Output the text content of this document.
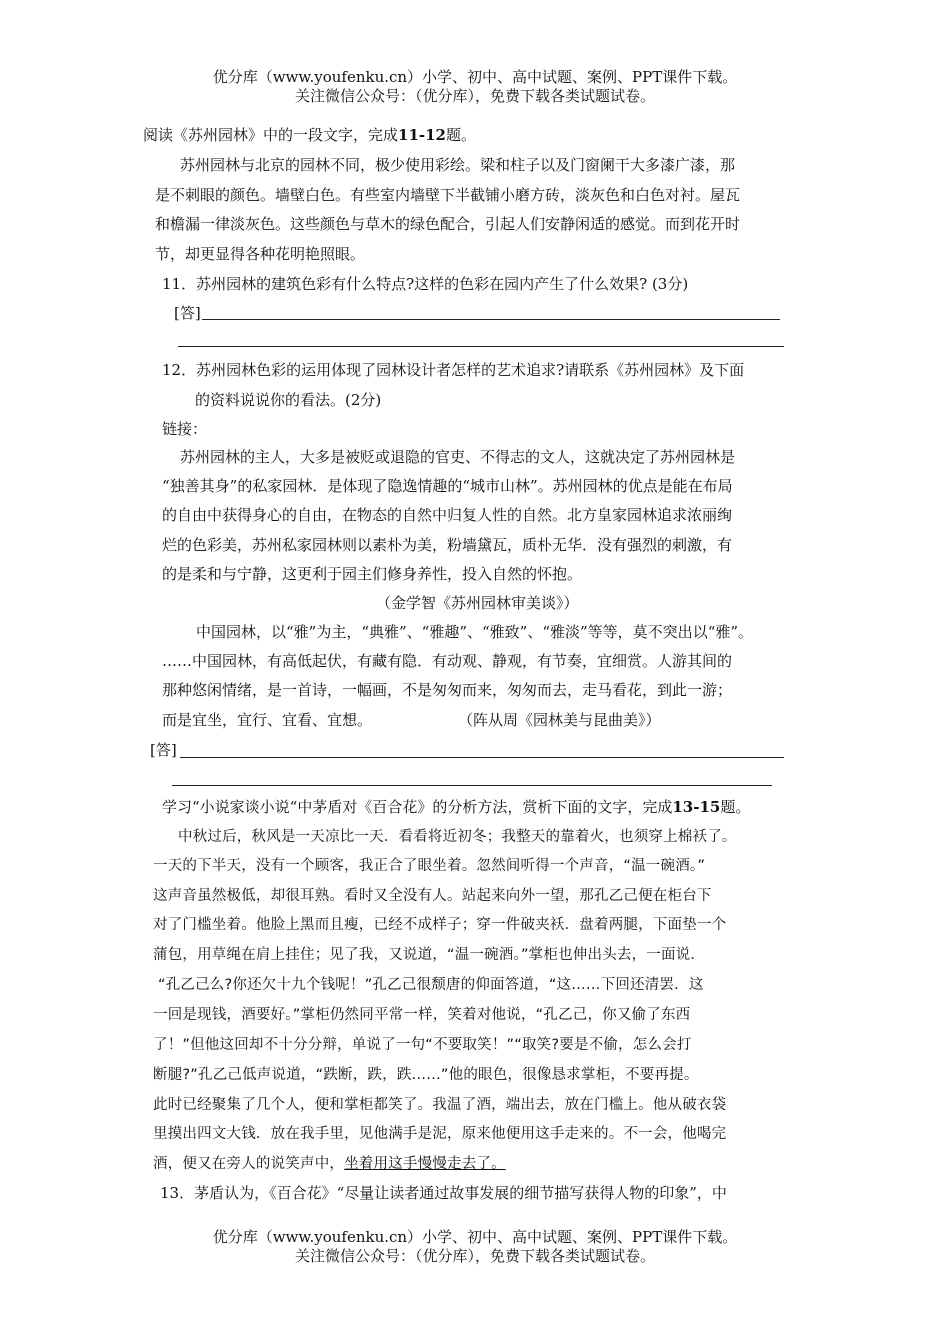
优分库（www.youfenku.cn）小学、初中、高中试题、案例、PPT课件下载。
关注微信公众号：（优分库），免费下载各类试题试卷。
阅读《苏州园林》中的一段文字，完成11-12题。
苏州园林与北京的园林不同，极少使用彩绘。梁和柱子以及门窗阑干大多漆广漆，那
是不刺眼的颜色。墙壁白色。有些室内墙壁下半截铺小磨方砖，淡灰色和白色对衬。屋瓦
和檐漏一律淡灰色。这些颜色与草木的绿色配合，引起人们安静闲适的感觉。而到花开时
节，却更显得各种花明艳照眼。
11．苏州园林的建筑色彩有什么特点?这样的色彩在园内产生了什么效果? (3分)
[答]
12．苏州园林色彩的运用体现了园林设计者怎样的艺术追求?请联系《苏州园林》及下面
的资料说说你的看法。(2分)
链接：
苏州园林的主人，大多是被贬或退隐的官吏、不得志的文人，这就决定了苏州园林是
“独善其身”的私家园林．是体现了隐逸情趣的“城市山林”。苏州园林的优点是能在布局
的自由中获得身心的自由，在物态的自然中归复人性的自然。北方皇家园林追求浓丽绚
烂的色彩美，苏州私家园林则以素朴为美，粉墙黛瓦，质朴无华．没有强烈的刺激，有
的是柔和与宁静，这更利于园主们修身养性，投入自然的怀抱。
（金学智《苏州园林审美谈》）
中国园林，以“雅”为主，“典雅”、“雅趣”、“雅致”、“雅淡”等等，莫不突出以“雅”。
……中国园林，有高低起伏，有藏有隐．有动观、静观，有节奏，宜细赏。人游其间的
那种悠闲情绪，是一首诗，一幅画，不是匆匆而来，匆匆而去，走马看花，到此一游；
而是宜坐，宜行、宜看、宜想。	（阵从周《园林美与昆曲美》）
[答]
学习“小说家谈小说“中茅盾对《百合花》的分析方法，赏析下面的文字，完成13-15题。
中秋过后，秋风是一天凉比一天．看看将近初冬；我整天的靠着火，也须穿上棉袄了。
一天的下半天，没有一个顾客，我正合了眼坐着。忽然间听得一个声音，“温一碗酒。”
这声音虽然极低，却很耳熟。看时又全没有人。站起来向外一望，那孔乙己便在柜台下
对了门槛坐着。他脸上黑而且瘦，已经不成样子；穿一件破夹袄．盘着两腿，下面垫一个
蒲包，用草绳在肩上挂住；见了我，又说道，“温一碗酒。”掌柜也伸出头去，一面说．
“孔乙己么?你还欠十九个钱呢！”孔乙己很颓唐的仰面答道，“这……下回还清罢．这
一回是现钱，酒要好。”掌柜仍然同平常一样，笑着对他说，“孔乙己，你又偷了东西
了！”但他这回却不十分分辩，单说了一句“不要取笑！”“取笑?要是不偷，怎么会打
断腿?”孔乙己低声说道，“跌断，跌，跌……”他的眼色，很像恳求掌柜，不要再提。
此时已经聚集了几个人，便和掌柜都笑了。我温了酒，端出去，放在门槛上。他从破衣袋
里摸出四文大钱．放在我手里，见他满手是泥，原来他便用这手走来的。不一会，他喝完
酒，便又在旁人的说笑声中，坐着用这手慢慢走去了。
13．茅盾认为，《百合花》“尽量让读者通过故事发展的细节描写获得人物的印象”，中
优分库（www.youfenku.cn）小学、初中、高中试题、案例、PPT课件下载。
关注微信公众号：（优分库），免费下载各类试题试卷。
